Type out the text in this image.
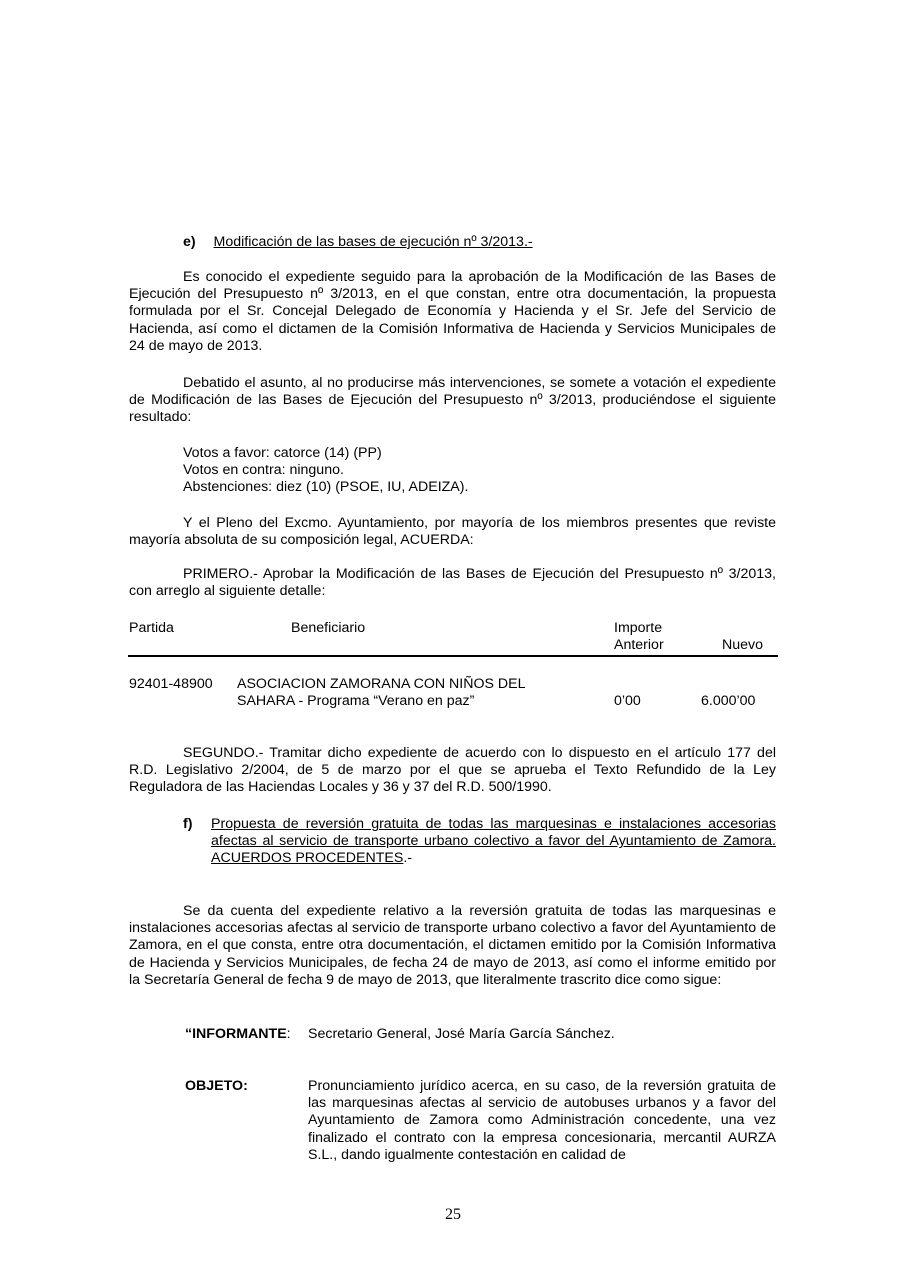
e) Modificación de las bases de ejecución nº 3/2013.-

Es conocido el expediente seguido para la aprobación de la Modificación de las Bases de Ejecución del Presupuesto nº 3/2013, en el que constan, entre otra documentación, la propuesta formulada por el Sr. Concejal Delegado de Economía y Hacienda y el Sr. Jefe del Servicio de Hacienda, así como el dictamen de la Comisión Informativa de Hacienda y Servicios Municipales de 24 de mayo de 2013.

Debatido el asunto, al no producirse más intervenciones, se somete a votación el expediente de Modificación de las Bases de Ejecución del Presupuesto nº 3/2013, produciéndose el siguiente resultado:

Votos a favor: catorce (14) (PP)
Votos en contra: ninguno.
Abstenciones: diez (10) (PSOE, IU, ADEIZA).

Y el Pleno del Excmo. Ayuntamiento, por mayoría de los miembros presentes que reviste mayoría absoluta de su composición legal, ACUERDA:

PRIMERO.- Aprobar la Modificación de las Bases de Ejecución del Presupuesto nº 3/2013, con arreglo al siguiente detalle:

Partida	Beneficiario	Importe
Anterior	Nuevo
92401-48900 ASOCIACION ZAMORANA CON NIÑOS DEL
SAHARA - Programa “Verano en paz”	0’00	6.000’00

SEGUNDO.- Tramitar dicho expediente de acuerdo con lo dispuesto en el artículo 177 del R.D. Legislativo 2/2004, de 5 de marzo por el que se aprueba el Texto Refundido de la Ley Reguladora de las Haciendas Locales y 36 y 37 del R.D. 500/1990.

f) Propuesta de reversión gratuita de todas las marquesinas e instalaciones accesorias afectas al servicio de transporte urbano colectivo a favor del Ayuntamiento de Zamora. ACUERDOS PROCEDENTES.-

Se da cuenta del expediente relativo a la reversión gratuita de todas las marquesinas e instalaciones accesorias afectas al servicio de transporte urbano colectivo a favor del Ayuntamiento de Zamora, en el que consta, entre otra documentación, el dictamen emitido por la Comisión Informativa de Hacienda y Servicios Municipales, de fecha 24 de mayo de 2013, así como el informe emitido por la Secretaría General de fecha 9 de mayo de 2013, que literalmente trascrito dice como sigue:

“INFORMANTE: Secretario General, José María García Sánchez.
OBJETO:	Pronunciamiento jurídico acerca, en su caso, de la reversión gratuita de las marquesinas afectas al servicio de autobuses urbanos y a favor del Ayuntamiento de Zamora como Administración concedente, una vez finalizado el contrato con la empresa concesionaria, mercantil AURZA S.L., dando igualmente contestación en calidad de

25
